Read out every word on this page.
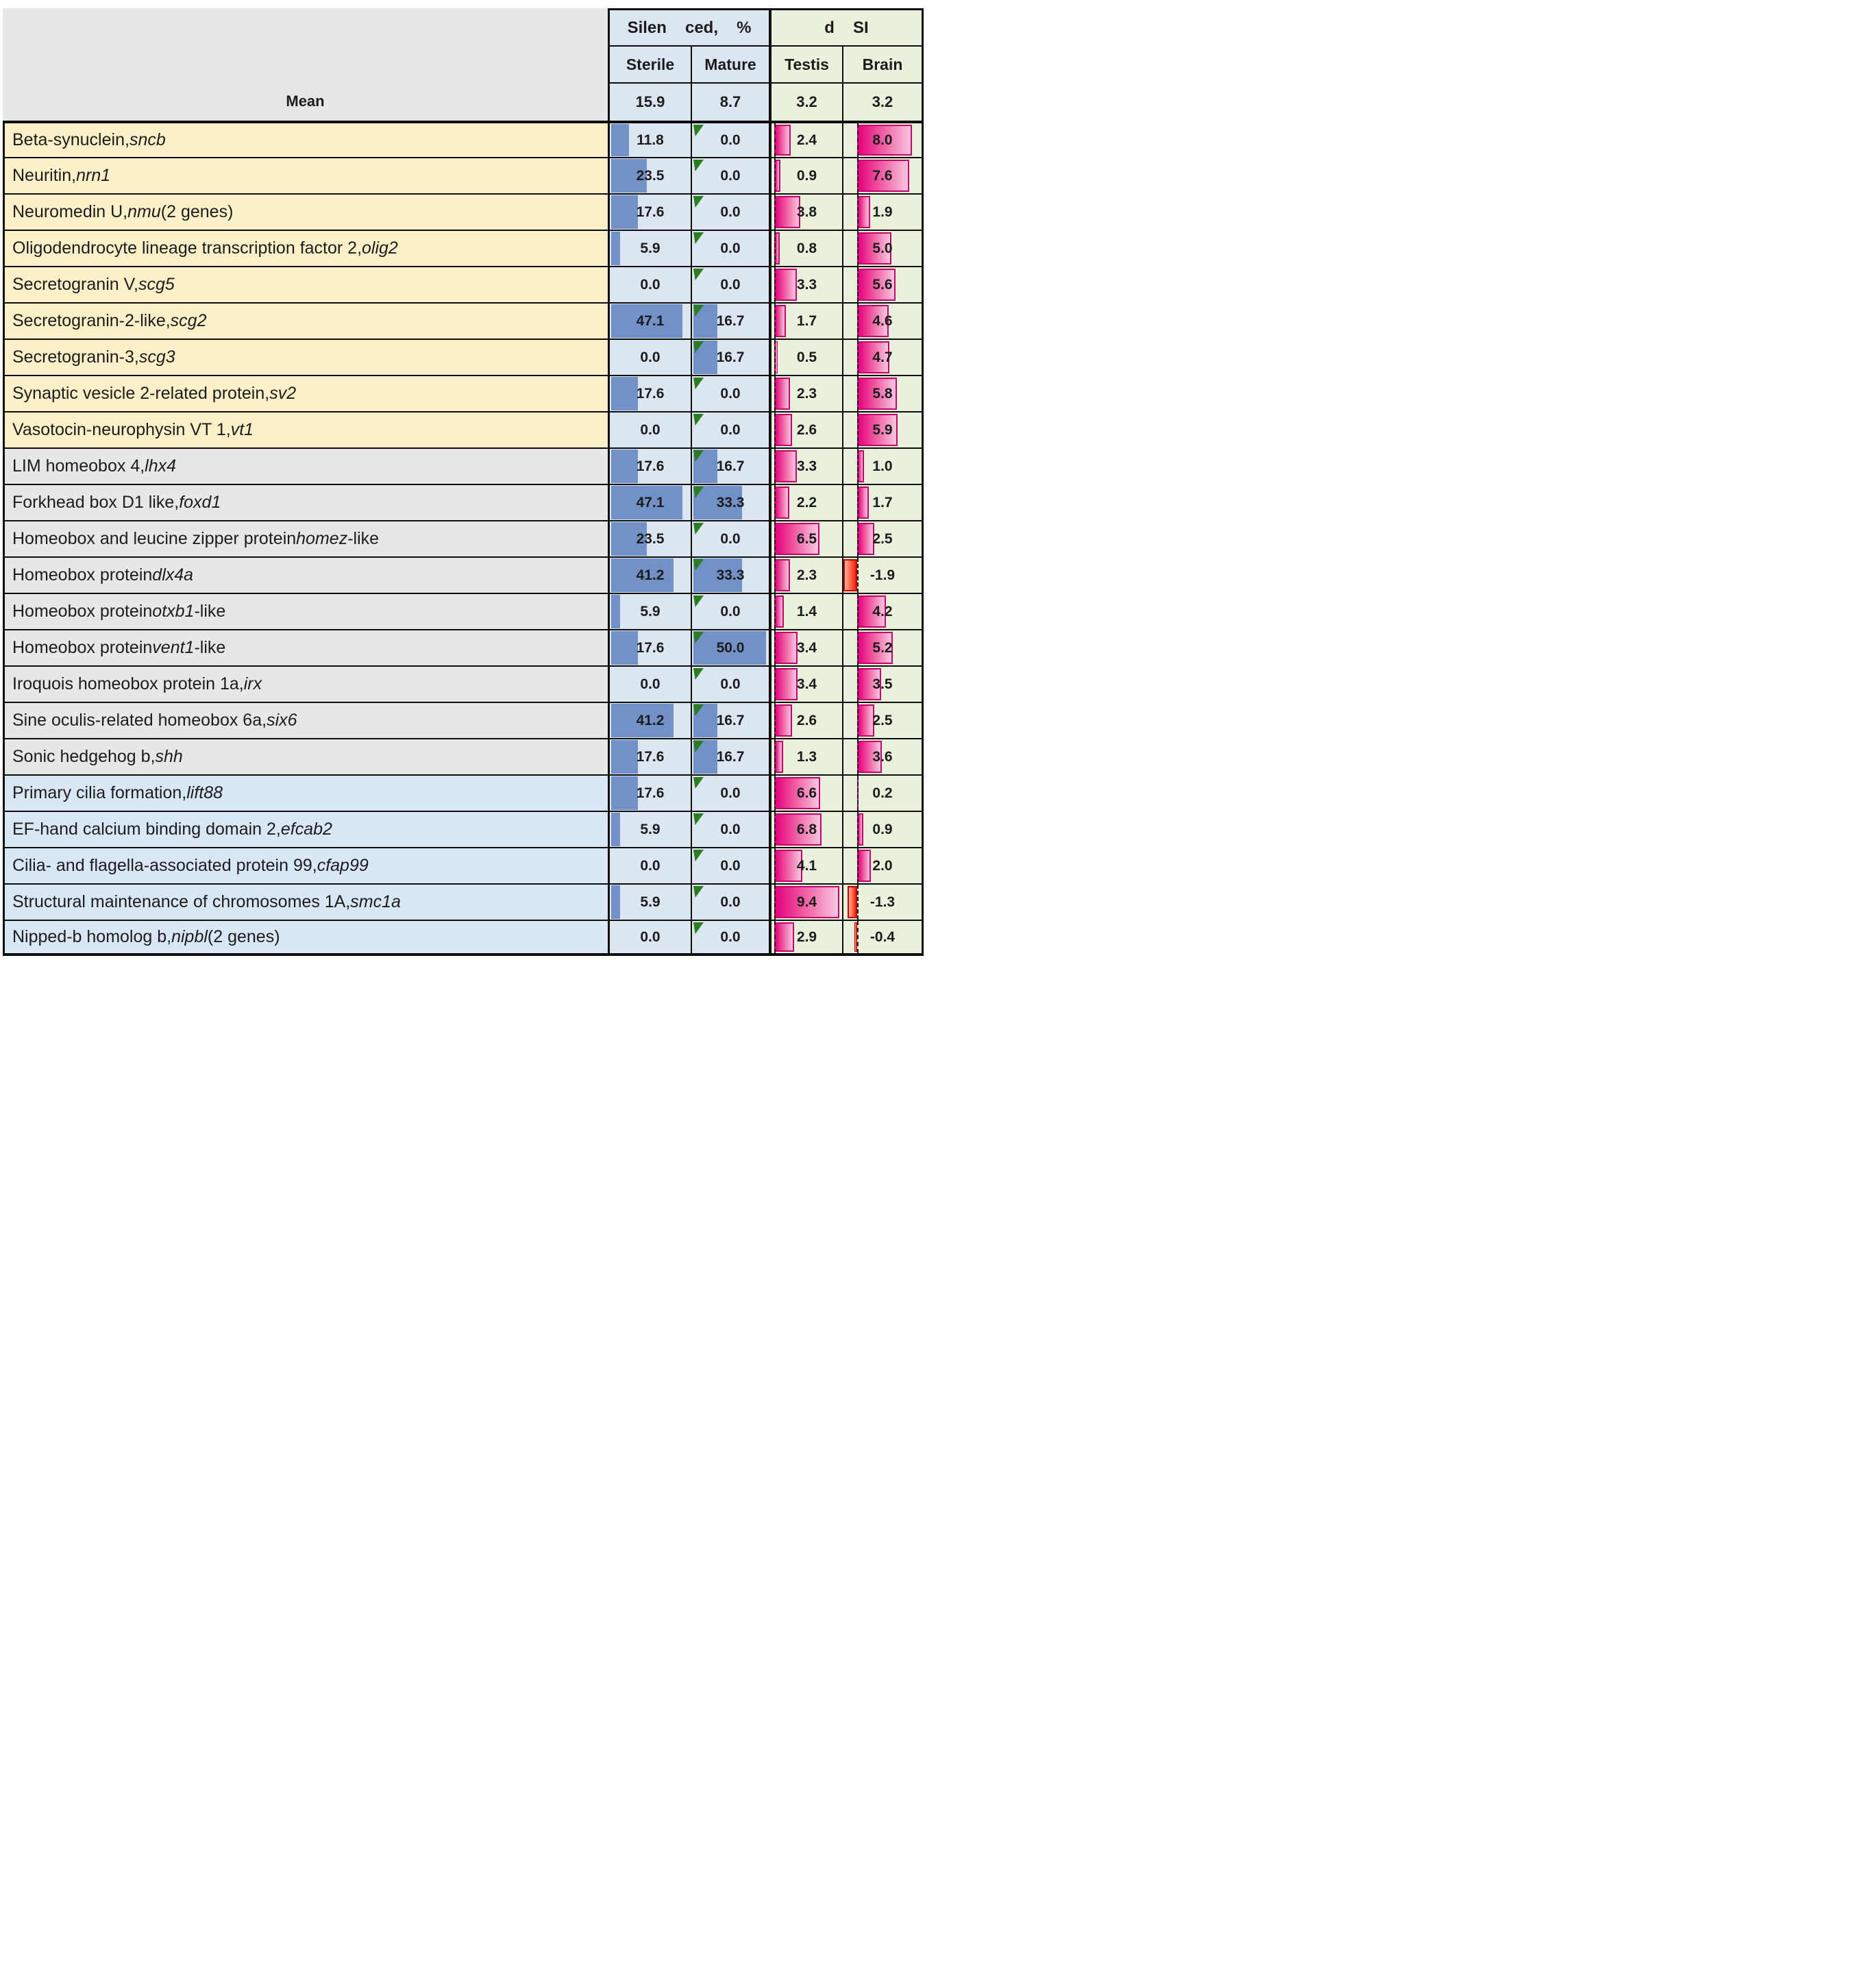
Mean
Silen ced, %	d SI
Sterile	Mature	Testis	Brain
15.9	8.7	3.2	3.2
Beta-synuclein, sncb	11.8	0.0	2.4	8.0
Neuritin, nrn1	23.5	0.0	0.9	7.6
Neuromedin U, nmu (2 genes)	17.6	0.0	3.8	1.9
Oligodendrocyte lineage transcription factor 2, olig2	5.9	0.0	0.8	5.0
Secretogranin V, scg5	0.0	0.0	3.3	5.6
Secretogranin-2-like, scg2	47.1	16.7	1.7	4.6
Secretogranin-3, scg3	0.0	16.7	0.5	4.7
Synaptic vesicle 2-related protein, sv2	17.6	0.0	2.3	5.8
Vasotocin-neurophysin VT 1, vt1	0.0	0.0	2.6	5.9
LIM homeobox 4, lhx4	17.6	16.7	3.3	1.0
Forkhead box D1 like, foxd1	47.1	33.3	2.2	1.7
Homeobox and leucine zipper protein homez -like	23.5	0.0	6.5	2.5
Homeobox protein dlx4a	41.2	33.3	2.3	-1.9
Homeobox protein otxb1 -like	5.9	0.0	1.4	4.2
Homeobox protein vent1 -like	17.6	50.0	3.4	5.2
Iroquois homeobox protein 1a, irx	0.0	0.0	3.4	3.5
Sine oculis-related homeobox 6a, six6	41.2	16.7	2.6	2.5
Sonic hedgehog b, shh	17.6	16.7	1.3	3.6
Primary cilia formation, lift88	17.6	0.0	6.6	0.2
EF-hand calcium binding domain 2, efcab2	5.9	0.0	6.8	0.9
Cilia- and flagella-associated protein 99, cfap99	0.0	0.0	4.1	2.0
Structural maintenance of chromosomes 1A, smc1a	5.9	0.0	9.4	-1.3
Nipped-b homolog b, nipbl (2 genes)	0.0	0.0	2.9	-0.4
